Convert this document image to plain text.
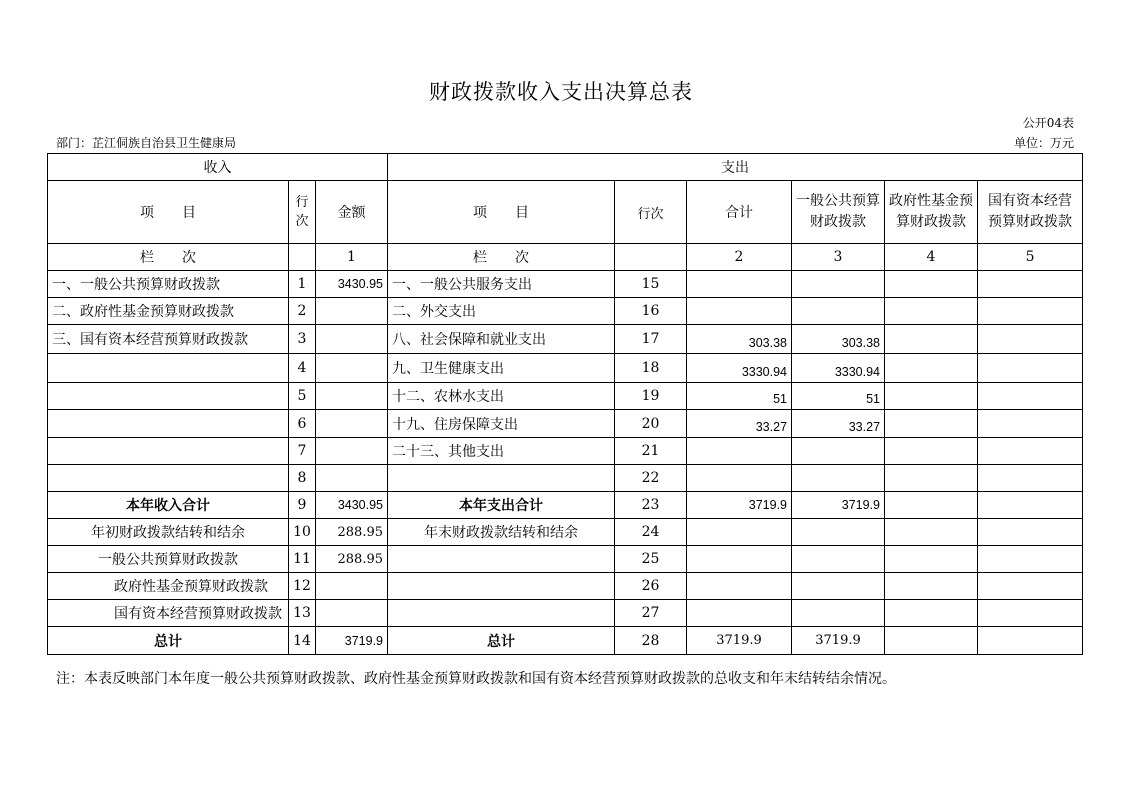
财政拨款收入支出决算总表
公开04表
部门：芷江侗族自治县卫生健康局	单位：万元
收入			支出					
项　　目	行次	金额	项　　目	行次	合计	一般公共预算财政拨款	政府性基金预算财政拨款	国有资本经营预算财政拨款
栏　　次		1	栏　　次		2	3	4	5
一、一般公共预算财政拨款	1	3430.95	一、一般公共服务支出	15				
二、政府性基金预算财政拨款	2		二、外交支出	16				
三、国有资本经营预算财政拨款	3		八、社会保障和就业支出	17	303.38	303.38		
	4		九、卫生健康支出	18	3330.94	3330.94		
	5		十二、农林水支出	19	51	51		
	6		十九、住房保障支出	20	33.27	33.27		
	7		二十三、其他支出	21				
	8			22				
本年收入合计	9	3430.95	本年支出合计	23	3719.9	3719.9		
年初财政拨款结转和结余	10	288.95	年末财政拨款结转和结余	24				
一般公共预算财政拨款	11	288.95		25				
政府性基金预算财政拨款	12			26				
国有资本经营预算财政拨款	13			27				
总计	14	3719.9	总计	28	3719.9	3719.9		
注：本表反映部门本年度一般公共预算财政拨款、政府性基金预算财政拨款和国有资本经营预算财政拨款的总收支和年末结转结余情况。
